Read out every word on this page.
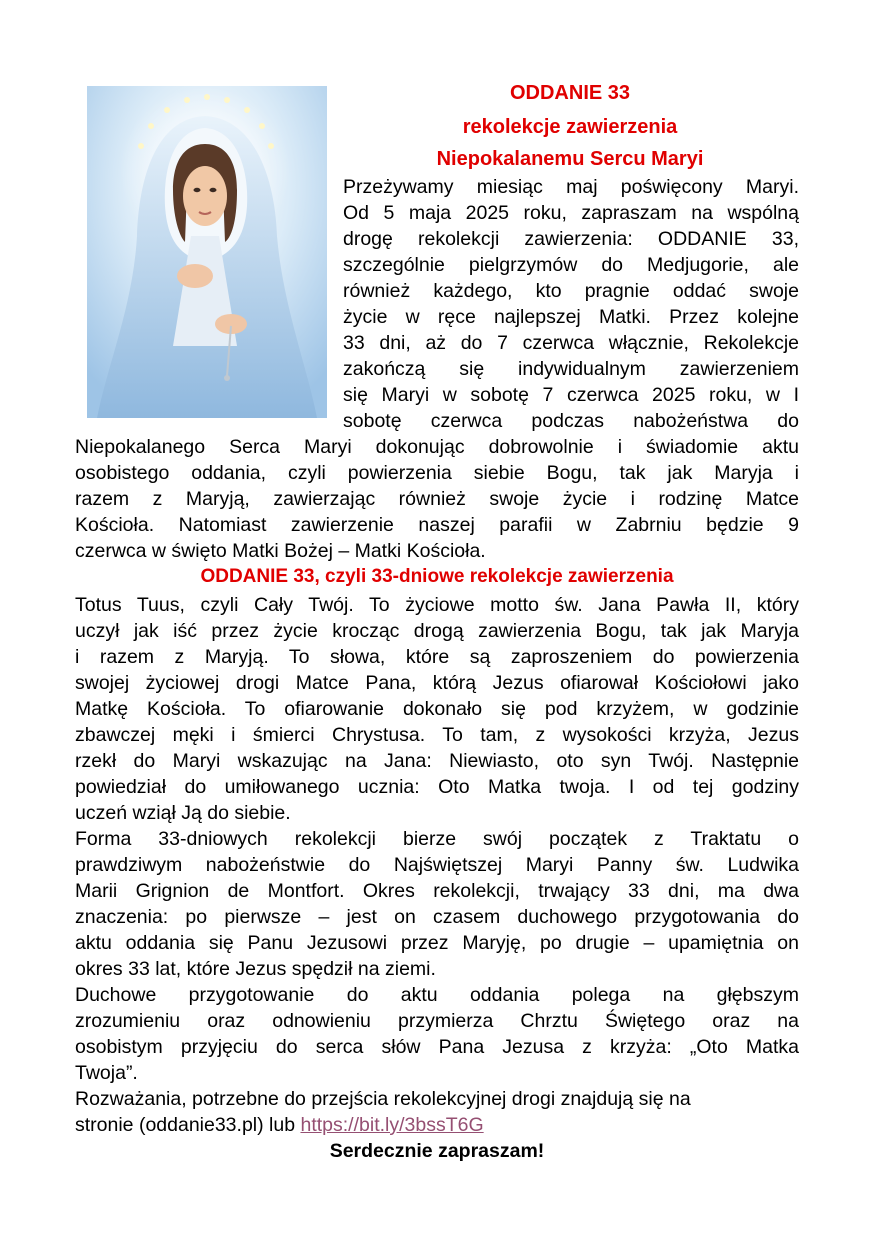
ODDANIE 33
rekolekcje zawierzenia
Niepokalanemu Sercu Maryi
Przeżywamy miesiąc maj poświęcony Maryi.
Od 5 maja 2025 roku, zapraszam na wspólną
drogę rekolekcji zawierzenia: ODDANIE 33,
szczególnie pielgrzymów do Medjugorie, ale
również każdego, kto pragnie oddać swoje
życie w ręce najlepszej Matki. Przez kolejne
33 dni, aż do 7 czerwca włącznie, Rekolekcje
zakończą się indywidualnym zawierzeniem
się Maryi w sobotę 7 czerwca 2025 roku, w I
sobotę czerwca podczas nabożeństwa do
Niepokalanego Serca Maryi dokonując dobrowolnie i świadomie aktu
osobistego oddania, czyli powierzenia siebie Bogu, tak jak Maryja i
razem z Maryją, zawierzając również swoje życie i rodzinę Matce
Kościoła. Natomiast zawierzenie naszej parafii w Zabrniu będzie 9
czerwca w święto Matki Bożej – Matki Kościoła.
ODDANIE 33, czyli 33-dniowe rekolekcje zawierzenia
Totus Tuus, czyli Cały Twój. To życiowe motto św. Jana Pawła II, który
uczył jak iść przez życie krocząc drogą zawierzenia Bogu, tak jak Maryja
i razem z Maryją. To słowa, które są zaproszeniem do powierzenia
swojej życiowej drogi Matce Pana, którą Jezus ofiarował Kościołowi jako
Matkę Kościoła. To ofiarowanie dokonało się pod krzyżem, w godzinie
zbawczej męki i śmierci Chrystusa. To tam, z wysokości krzyża, Jezus
rzekł do Maryi wskazując na Jana: Niewiasto, oto syn Twój. Następnie
powiedział do umiłowanego ucznia: Oto Matka twoja. I od tej godziny
uczeń wziął Ją do siebie.
Forma 33-dniowych rekolekcji bierze swój początek z Traktatu o
prawdziwym nabożeństwie do Najświętszej Maryi Panny św. Ludwika
Marii Grignion de Montfort. Okres rekolekcji, trwający 33 dni, ma dwa
znaczenia: po pierwsze – jest on czasem duchowego przygotowania do
aktu oddania się Panu Jezusowi przez Maryję, po drugie – upamiętnia on
okres 33 lat, które Jezus spędził na ziemi.
Duchowe przygotowanie do aktu oddania polega na głębszym
zrozumieniu oraz odnowieniu przymierza Chrztu Świętego oraz na
osobistym przyjęciu do serca słów Pana Jezusa z krzyża: „Oto Matka
Twoja”.
Rozważania, potrzebne do przejścia rekolekcyjnej drogi znajdują się na
stronie (oddanie33.pl) lub https://bit.ly/3bssT6G
Serdecznie zapraszam!
